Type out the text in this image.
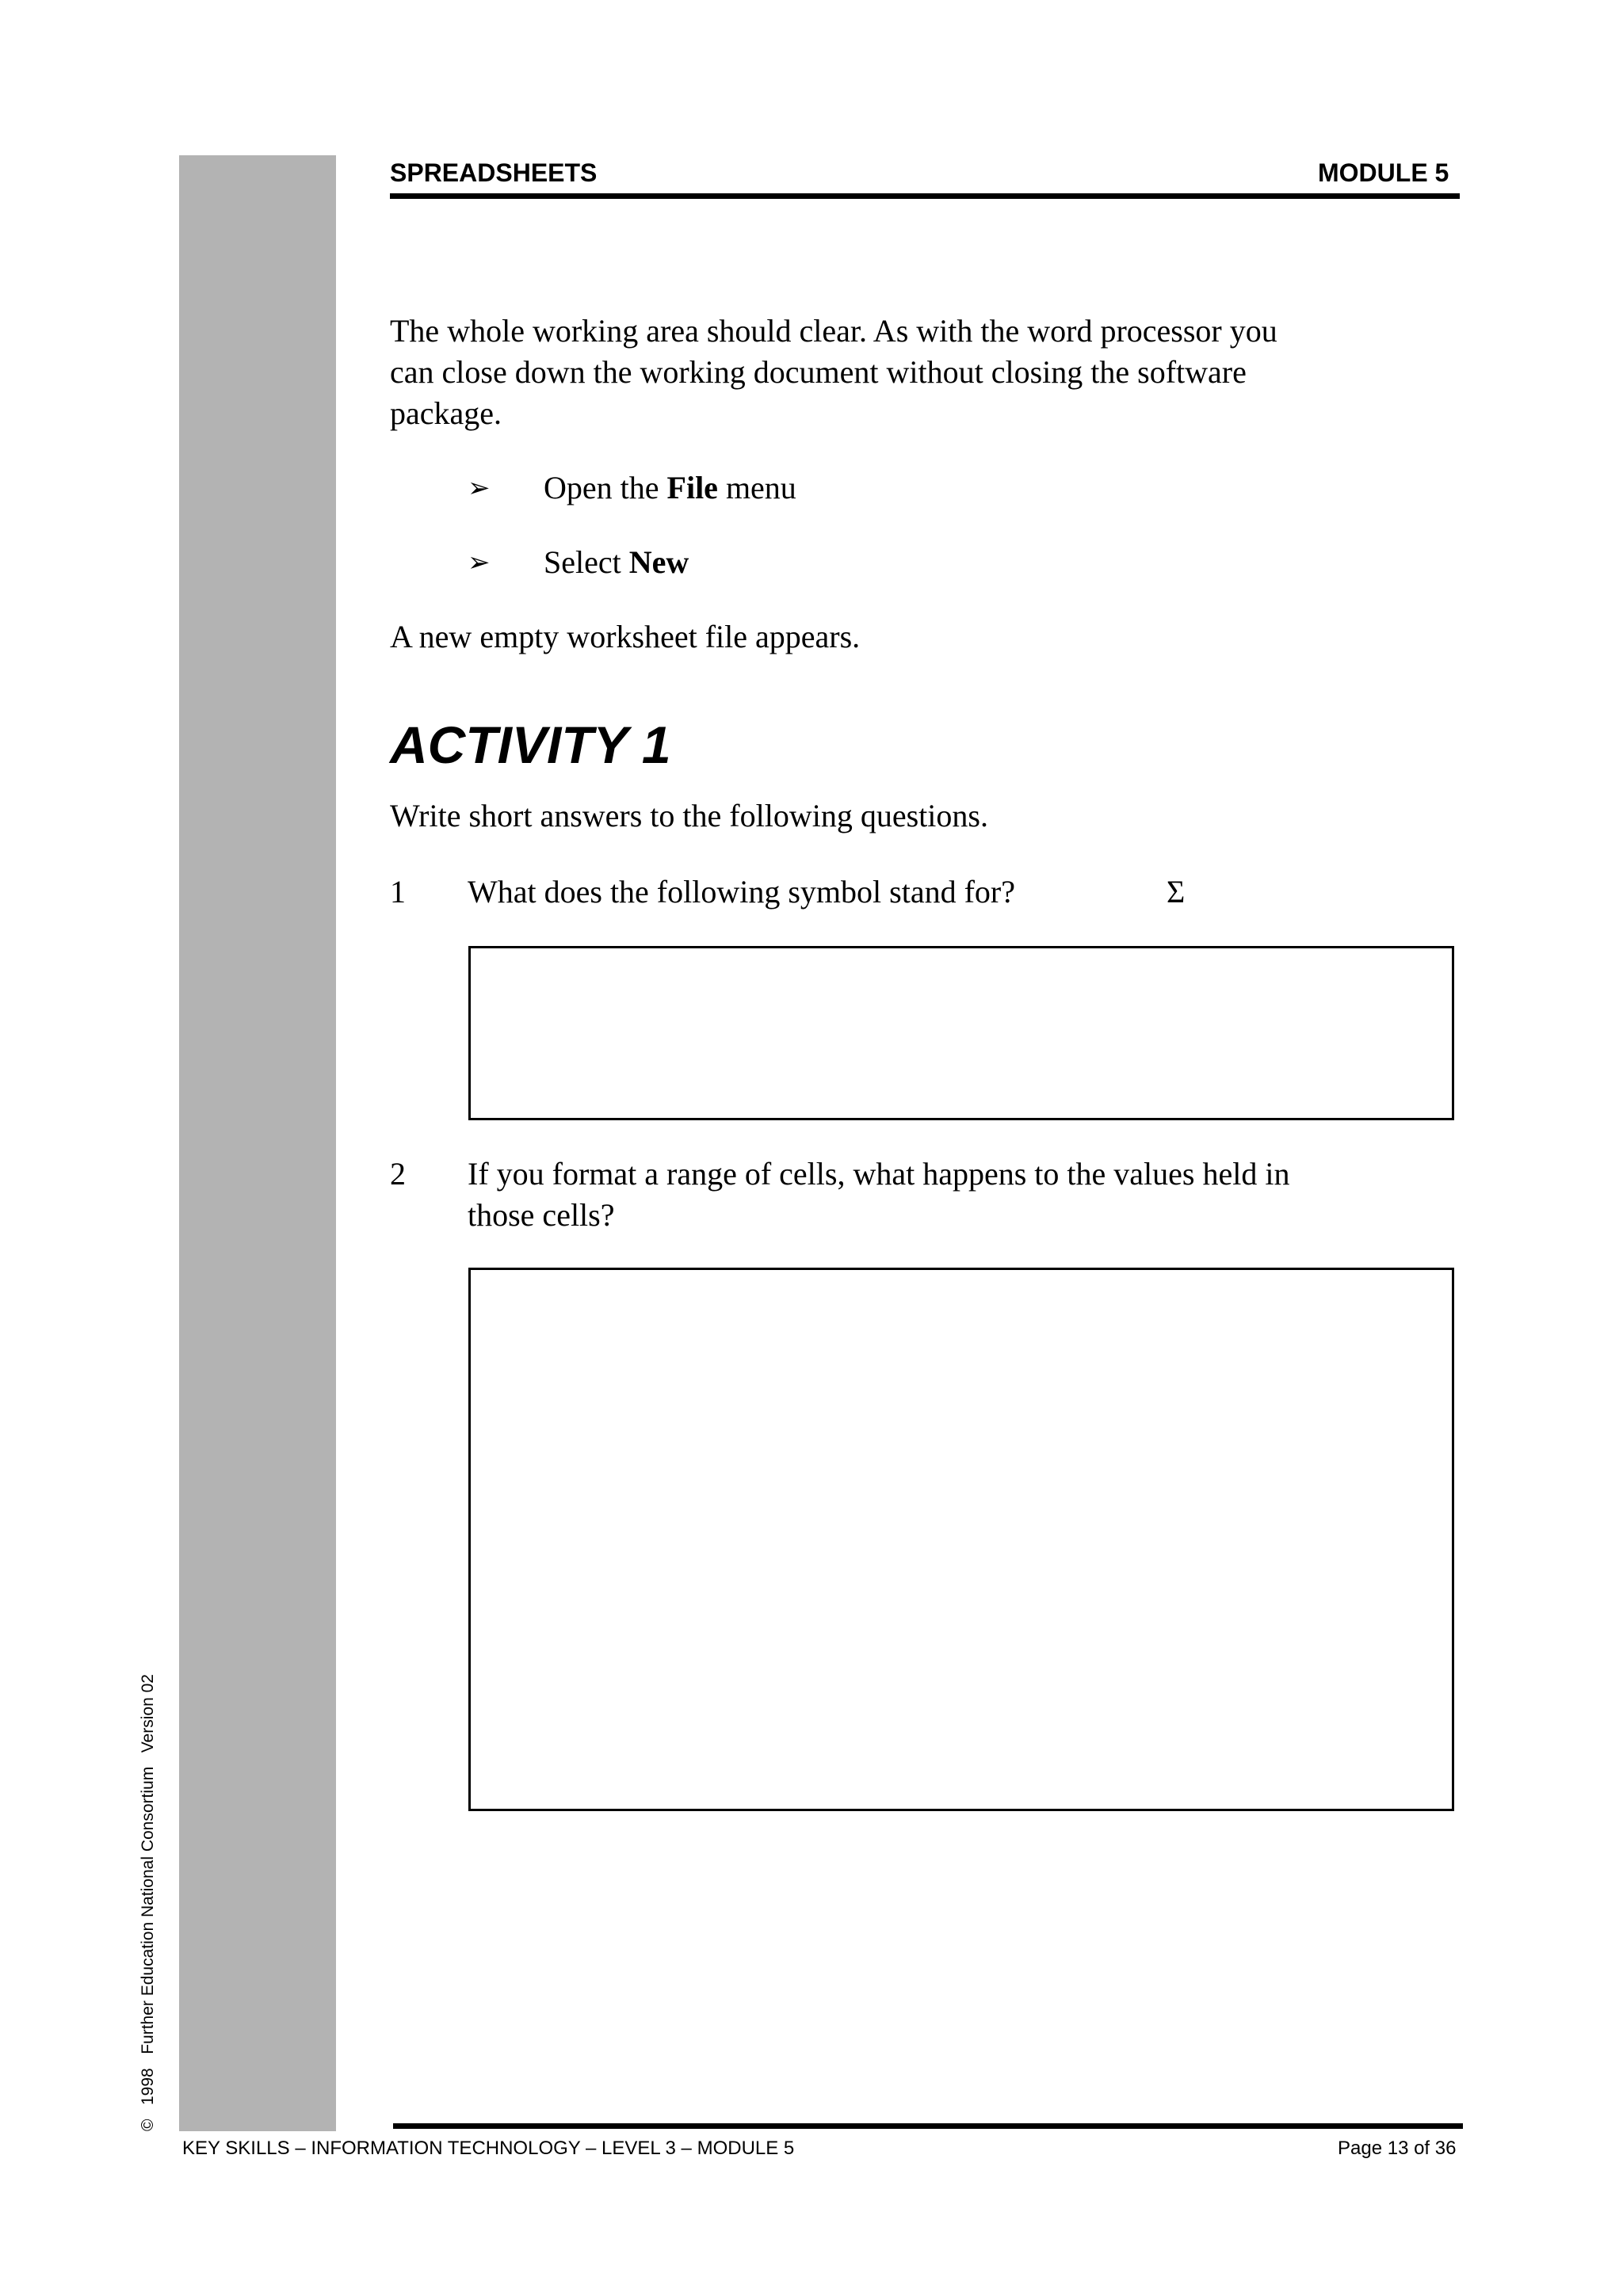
©   1998   Further Education National Consortium   Version 02
SPREADSHEETS	MODULE 5
The whole working area should clear. As with the word processor you
can close down the working document without closing the software
package.
➢ Open the File menu
➢ Select New
A new empty worksheet file appears.
ACTIVITY 1
Write short answers to the following questions.
1 What does the following symbol stand for?	Σ
2 If you format a range of cells, what happens to the values held in
those cells?
KEY SKILLS – INFORMATION TECHNOLOGY – LEVEL 3 – MODULE 5	Page 13 of 36
